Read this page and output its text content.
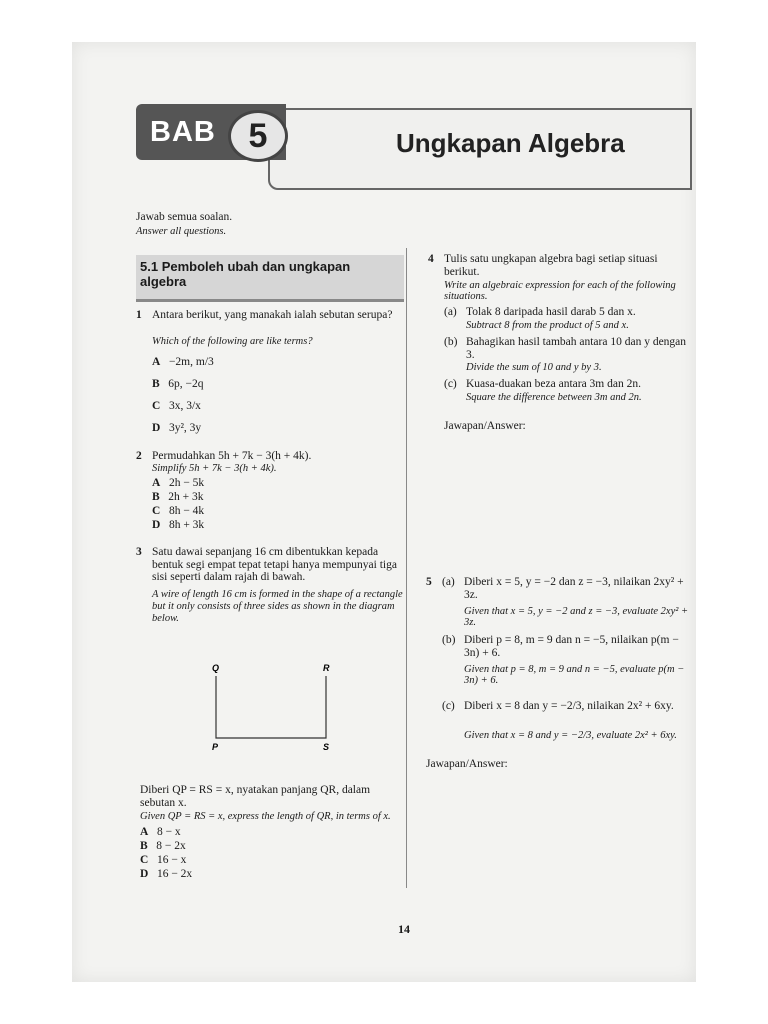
BAB 5	Ungkapan Algebra
Jawab semua soalan.
Answer all questions.
5.1 Pemboleh ubah dan ungkapan algebra
1 Antara berikut, yang manakah ialah sebutan serupa?
Which of the following are like terms?
A −2m, m/3
B 6p, −2q
C 3x, 3/x
D 3y², 3y
2 Permudahkan 5h + 7k − 3(h + 4k).
Simplify 5h + 7k − 3(h + 4k).
A 2h − 5k
B 2h + 3k
C 8h − 4k
D 8h + 3k
3 Satu dawai sepanjang 16 cm dibentukkan kepada bentuk segi empat tepat tetapi hanya mempunyai tiga sisi seperti dalam rajah di bawah.
A wire of length 16 cm is formed in the shape of a rectangle but it only consists of three sides as shown in the diagram below.
Q	R
P	S
Diberi QP = RS = x, nyatakan panjang QR, dalam sebutan x.
Given QP = RS = x, express the length of QR, in terms of x.
A 8 − x
B 8 − 2x
C 16 − x
D 16 − 2x
4 Tulis satu ungkapan algebra bagi setiap situasi berikut.
Write an algebraic expression for each of the following situations.
(a) Tolak 8 daripada hasil darab 5 dan x.
Subtract 8 from the product of 5 and x.
(b) Bahagikan hasil tambah antara 10 dan y dengan 3.
Divide the sum of 10 and y by 3.
(c) Kuasa-duakan beza antara 3m dan 2n.
Square the difference between 3m and 2n.
Jawapan/Answer:
5 (a) Diberi x = 5, y = −2 dan z = −3, nilaikan 2xy² + 3z.
Given that x = 5, y = −2 and z = −3, evaluate 2xy² + 3z.
(b) Diberi p = 8, m = 9 dan n = −5, nilaikan p(m − 3n) + 6.
Given that p = 8, m = 9 and n = −5, evaluate p(m − 3n) + 6.
(c) Diberi x = 8 dan y = −2/3, nilaikan 2x² + 6xy.
Given that x = 8 and y = −2/3, evaluate 2x² + 6xy.
Jawapan/Answer:
14
